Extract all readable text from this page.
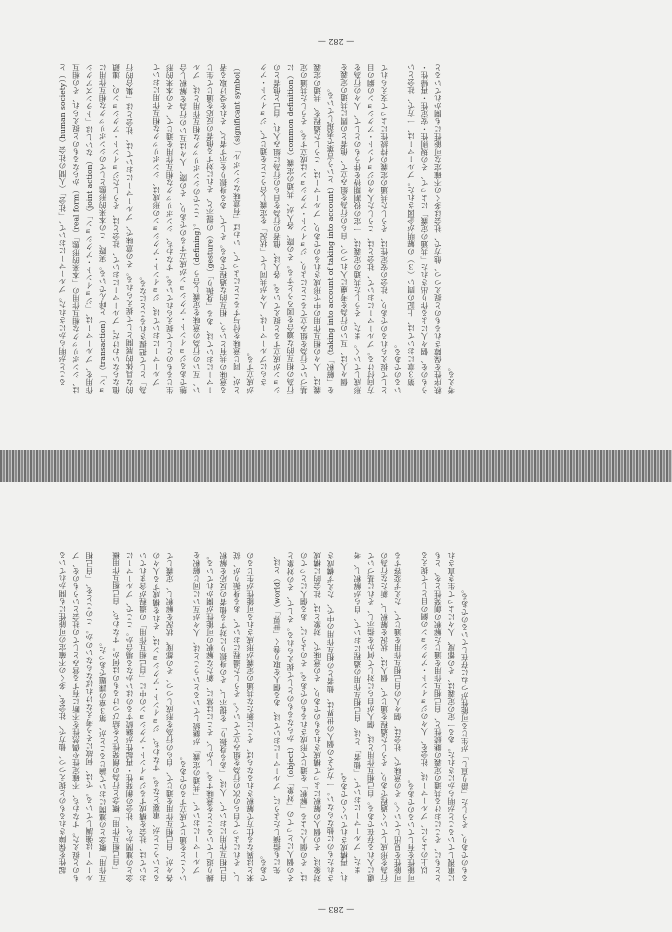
ることが明らかにされた。ブルーマーにおいて、「社会」（人間の社会（human society））とは、シンボリックな相互作用の「本来的形態」（real form）からなるものと捉えられ、その相互作用を、ブルーマーは、「ジョイント・アクション」（joint action）ないしは「トランズアクション」（transaction）と呼んでいる。実際、この本来的形態としてのシンボリックな相互作用に他ならないわけだ。ブルーマーにおいて、社会とは、そうしたジョイント・アクションの、連鎖的な具体的展開として捉えられる。その意味で、ブルーマーにおいては、社会とは「集合的行為」として把握されることになる。 ブルーマーにおいては、ジョイント・アクションの形成は、シンボリックな相互作用において生じるものとして捉えられている。すなわち、シンボリックな相互作用を通じて、その本来的形態であるジョイント・アクションが成立するのであり、その際、人々は互いの行為を解釈し合い、互いの行為の意味を定義し合う（defining）。ここでのシンボリックな相互作用とは、ブルーマーにおいては、ある「身振り」（gesture）の提示と、それに対する他者の反応を通じて生じる意味の共有という、相互的な過程である。そして、ある身振りを示す者と、それを受け取る者とが、同じ意味を付与することによって、いわば「有意味なシンボル」（significant symbol）が成立する。 さらにブルーマーは、人々が共同して「状況」を定義し合うことを通じて、ジョイント・アクションが成立すると捉えている。各人は、他者の行為を自らの行為に組み入れ、自己と他者との行為の相互的な適合を図ろうとする。その際、各人が、共通の定義（common definition）に基づいて行為を組み立てることにより、ジョイント・アクションは成立する。そうした共通の定義は、人々の相互作用の中で形成されるのであり、ブルーマーは、こうした過程を、共通の定義を「解釈」（taking into account of taking into account）という言葉で表現している。 個々人は、互いの行為を考慮に入れつつ、自らの行為を組み立て、他者との間に共通の定義を形成していく。また、そうした共通の定義は、一定の役割期待を伴うものとして、人々の行為を方向付ける。ブルーマーにおいて、社会とは、こうした人々のジョイント・アクションの網の目として捉えられるのであり、社会の安定性は、そうした共通の定義の持続性によって支えられているのである。 第３章においては、上記の問い（３）の解明が企図された。ブルーマーは、一方で、社会というものを、個々人による作り出された「共通の定義」によって、その規則性・安定性・再帰性・秩序性を保障されるものと捉えつつ、他方で、社会は多くの不確定な可能性にも開かれていると考える。

— 282 —

起性を保障されるものと捉えつつ、他方で、社会を、多くの不確定の可能性にも開かれているものと捉えた。すなわち、不確定性や偶然性を不断に有する営みとしての社会というものを、ブルーマーは強調している。では、何故にそう考えなければならないのか。このことを、「自己相互作用」概念との連関において論じることが、第３章の課題であった。 「自己相互作用」概念と行為の創発性とを結びつけるものは何か。すなわち、自己相互作用概念との連関から、社会の創発性・再起性が継続するのはいかなる場合か。ここで、ブルーマーにおいては、社会を構成するジョイント・アクションの中に「自己相互作用」の過程が含まれているということが、重要となる。すなわち、ジョイント・アクションは、それを構成する人々の各々が、自己相互作用を通じて、自らの行為を形成しつつ、その都度、状況を解釈し、定義していくことを通じて成立するのである。 ブルーマーにおいて、「共通の定義」が継続しているということは、人々が互いに同じ解釈を繰り返していることを意味する。しかし、そこには常に、新たな解釈の可能性が開かれている。自己相互作用において、人は、「ある身振り」を提示し、その身振りに対する他者の反応を解釈し、それによって自らの次の行為を組み立てていく。そうした過程において、ある身振りが、従来とは異なる仕方で解釈されるならば、そこに新たな共通の定義が形成される可能性が生じるのである。 先にも指摘したように、ブルーマーにおいては、ある個人を取り巻く「世界」（world）とは、その個人にとっての「対象」（object）からなるものとして捉えられる。そして、その対象とは、その個人による「解釈」を通じて形成されるものである。そのように、ある個人にとっての対象は、その個人の解釈によって構成されるものであり、その意味で、対象とは、社会的に構成されたものに他ならない。一方でその個人の世界は、他者との相互作用の中で、たえず構成され、再構成されていくのである。 また、ブルーマーにおいて、「他者」とは、自己相互作用の過程において、自らが解釈し、考慮に入れる存在である。自己相互作用とは、個人が自らに対して何かを指示し、それに基づいて行為を形成していく過程であり、そうした過程を通じて、個人は、状況を解釈し、新たな行為の可能性を見出していく。その意味で、社会は、個々人の自己相互作用を通じて、たえず変容する可能性を有しているのである。 以上のように、ブルーマーは、社会を、人々のジョイント・アクションの網の目として捉えるとともに、そこにおける共通の定義の継続性と、自己相互作用を通じた解釈の創発性とを、ともに重視していることが明らかにされた。ある一定の定義は、その都度、人々によって生き直されるものであり、そうした「語り直し」が生じる可能性がつねに存在しているのである。

— 283 —
